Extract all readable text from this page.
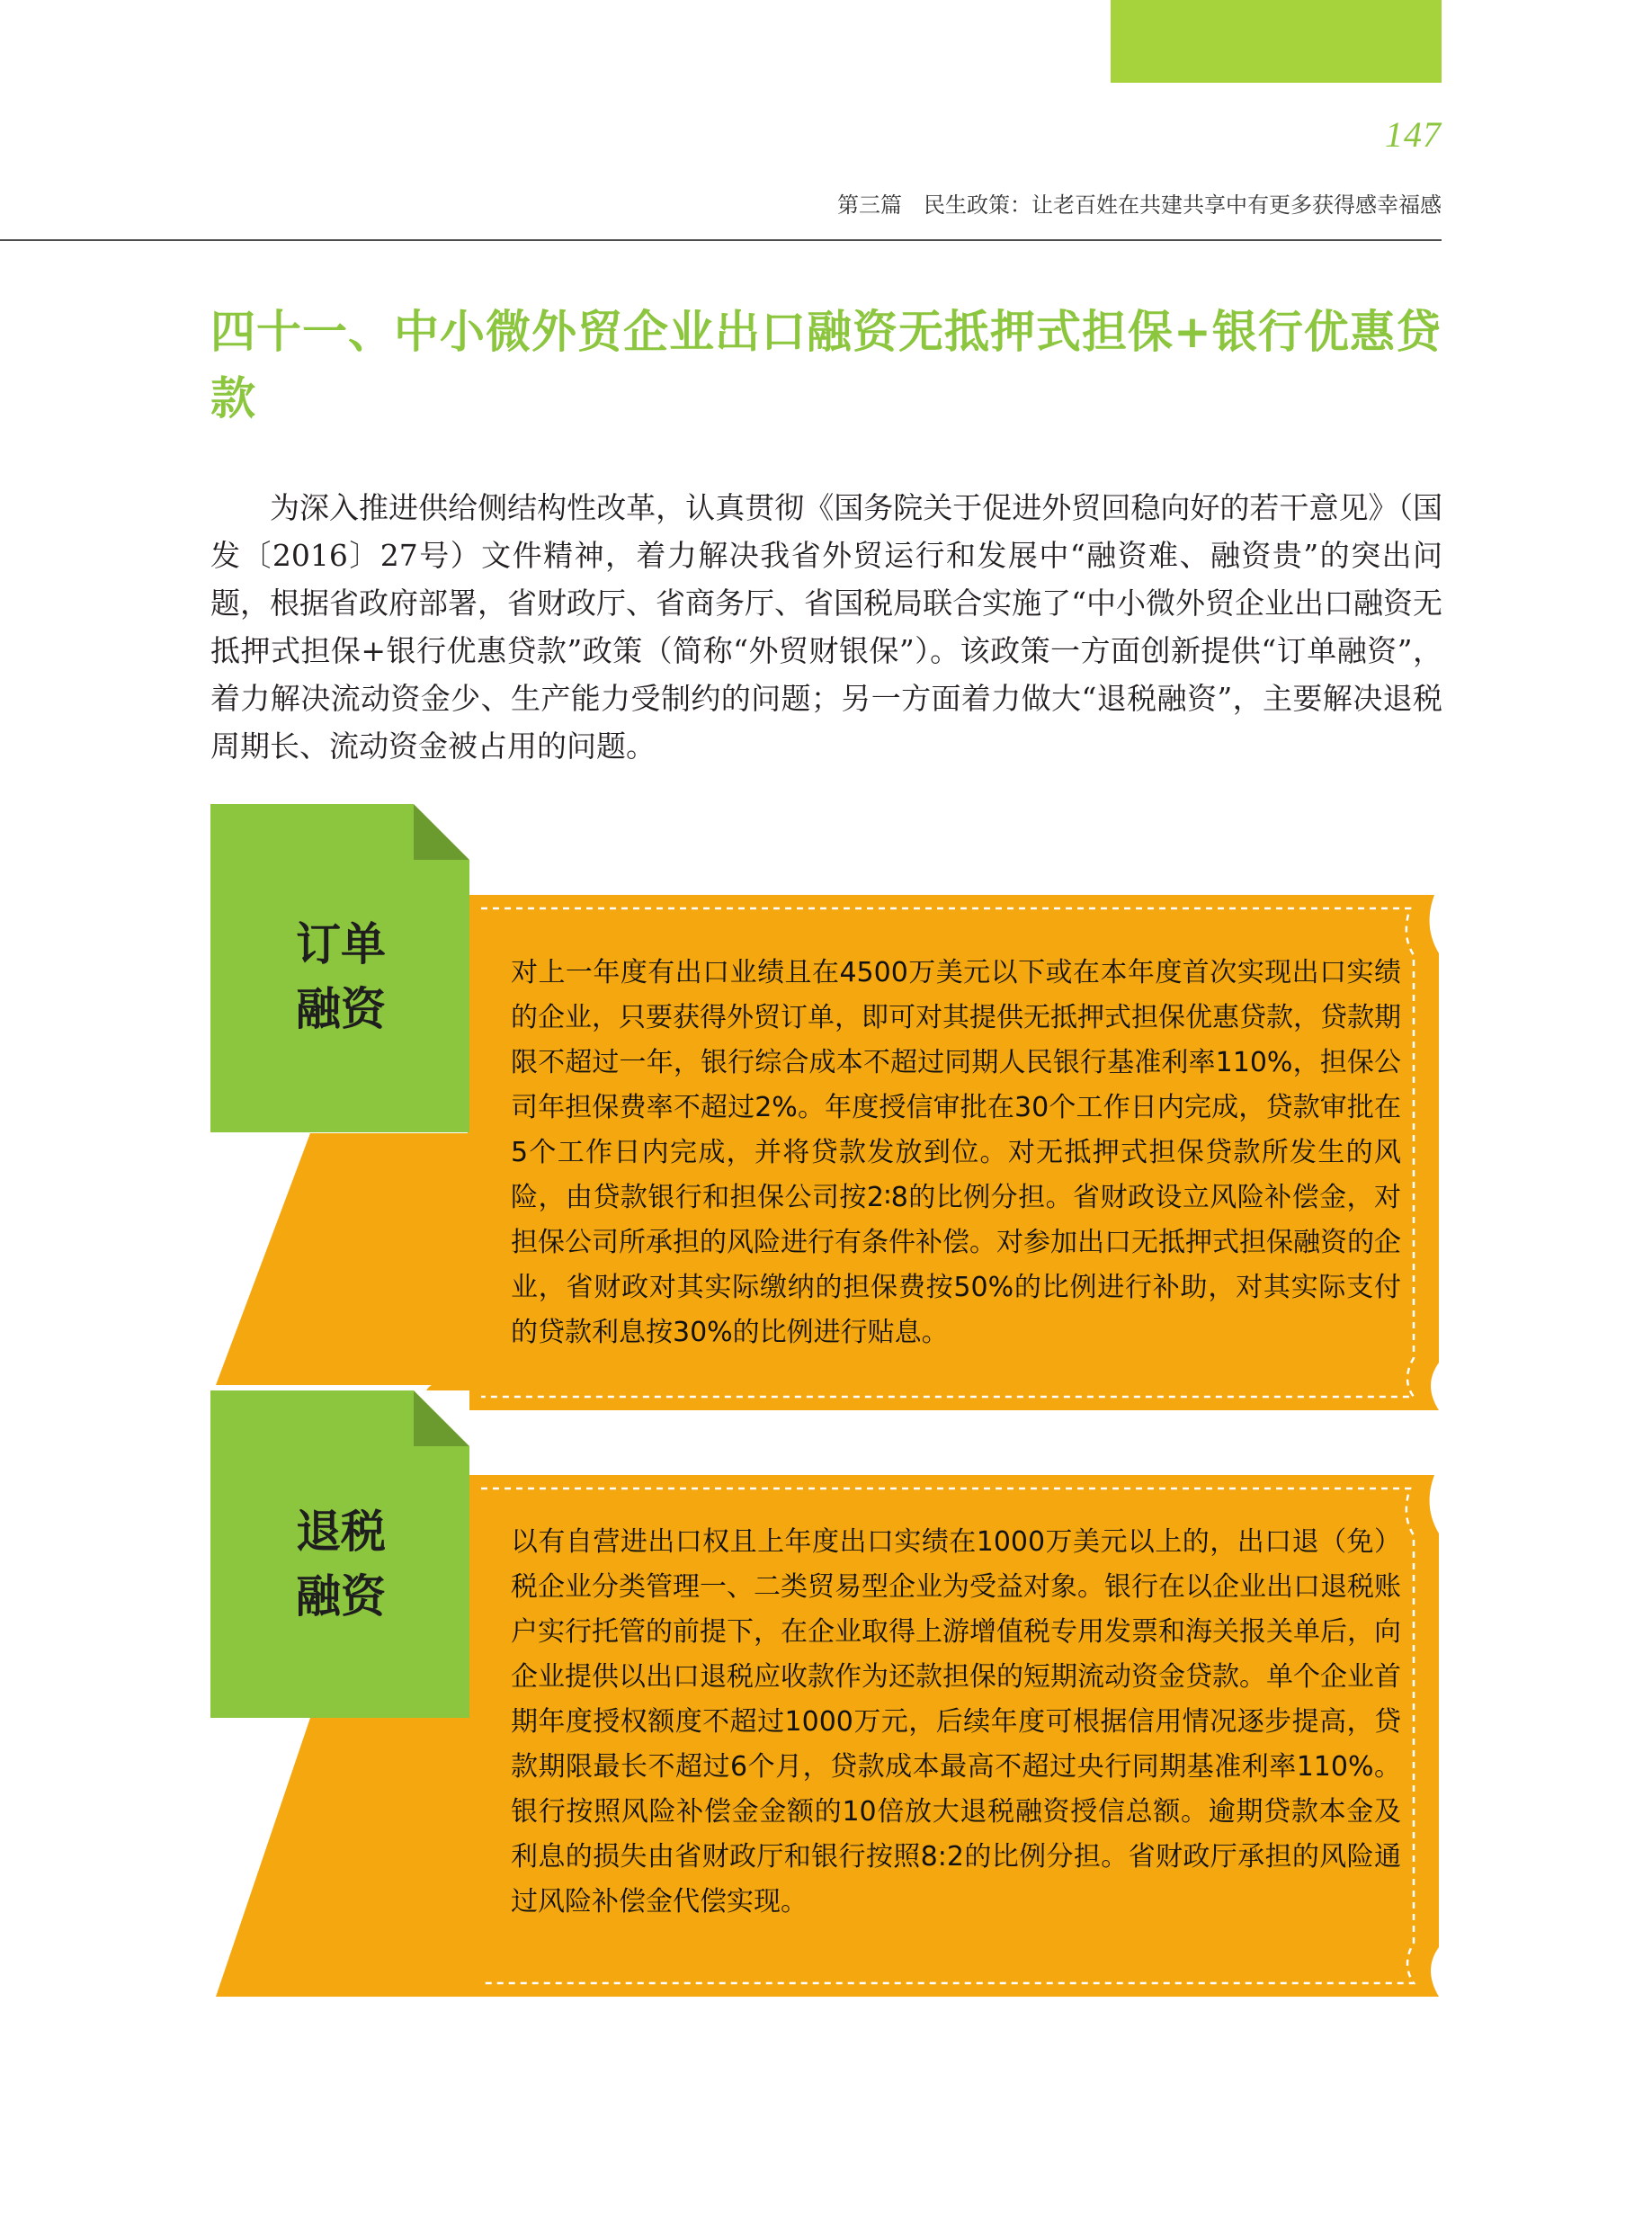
147
第三篇　民生政策：让老百姓在共建共享中有更多获得感幸福感
四十一、中小微外贸企业出口融资无抵押式担保+银行优惠贷款

为深入推进供给侧结构性改革，认真贯彻《国务院关于促进外贸回稳向好的若干意见》（国发〔2016〕27号）文件精神，着力解决我省外贸运行和发展中“融资难、融资贵”的突出问题，根据省政府部署，省财政厅、省商务厅、省国税局联合实施了“中小微外贸企业出口融资无抵押式担保+银行优惠贷款”政策（简称“外贸财银保”）。该政策一方面创新提供“订单融资”，着力解决流动资金少、生产能力受制约的问题；另一方面着力做大“退税融资”，主要解决退税周期长、流动资金被占用的问题。

订单
融资

对上一年度有出口业绩且在4500万美元以下或在本年度首次实现出口实绩的企业，只要获得外贸订单，即可对其提供无抵押式担保优惠贷款，贷款期限不超过一年，银行综合成本不超过同期人民银行基准利率110%，担保公司年担保费率不超过2%。年度授信审批在30个工作日内完成，贷款审批在5个工作日内完成，并将贷款发放到位。对无抵押式担保贷款所发生的风险，由贷款银行和担保公司按2∶8的比例分担。省财政设立风险补偿金，对担保公司所承担的风险进行有条件补偿。对参加出口无抵押式担保融资的企业，省财政对其实际缴纳的担保费按50%的比例进行补助，对其实际支付的贷款利息按30%的比例进行贴息。

退税
融资

以有自营进出口权且上年度出口实绩在1000万美元以上的，出口退（免）税企业分类管理一、二类贸易型企业为受益对象。银行在以企业出口退税账户实行托管的前提下，在企业取得上游增值税专用发票和海关报关单后，向企业提供以出口退税应收款作为还款担保的短期流动资金贷款。单个企业首期年度授权额度不超过1000万元，后续年度可根据信用情况逐步提高，贷款期限最长不超过6个月，贷款成本最高不超过央行同期基准利率110%。银行按照风险补偿金金额的10倍放大退税融资授信总额。逾期贷款本金及利息的损失由省财政厅和银行按照8:2的比例分担。省财政厅承担的风险通过风险补偿金代偿实现。
